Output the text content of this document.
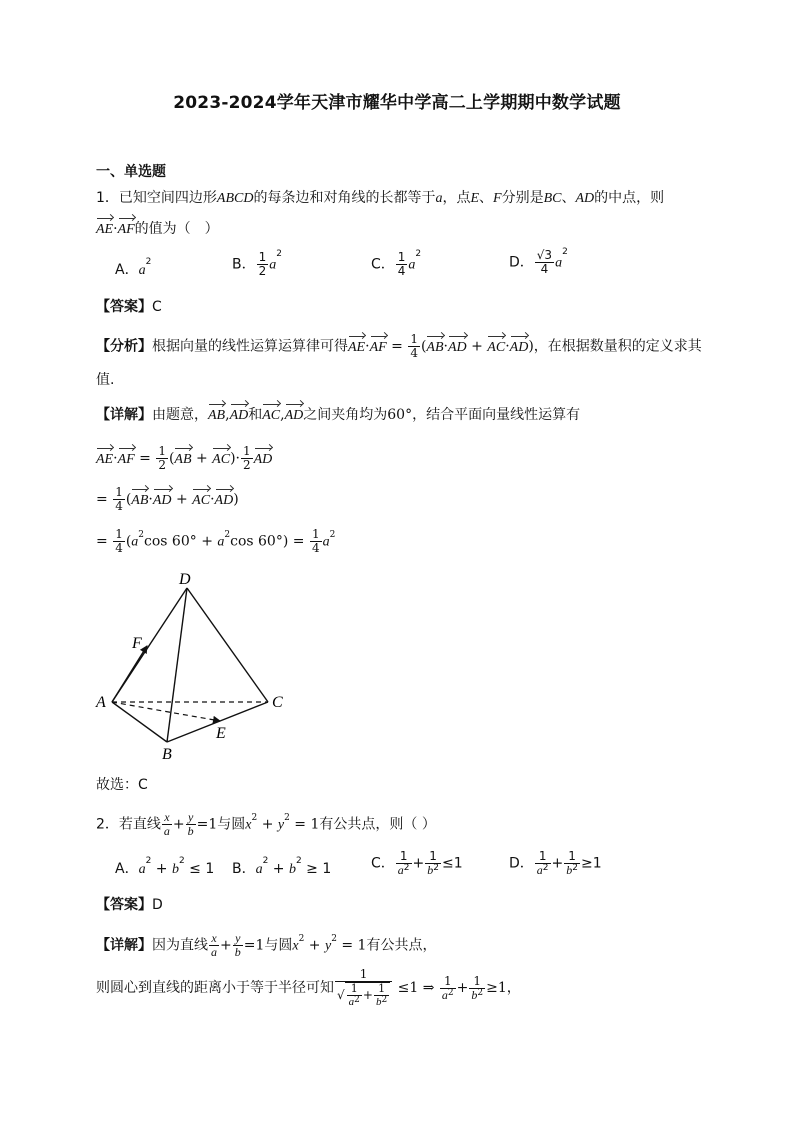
2023-2024学年天津市耀华中学高二上学期期中数学试题
一、单选题
1．已知空间四边形ABCD的每条边和对角线的长都等于a，点E、F分别是BC、AD的中点，则
AE·AF的值为（　）
A．$a^2$	B． $\frac{1}{2} a^2$
C． $\frac{1}{4} a^2$
D． $\frac{√3}{4} a^2$
【答案】C
【分析】根据向量的线性运算运算律可得$AE\cdot AF = \frac{1}{4} (AB\cdot AD + AC\cdot AD)$，在根据数量积的定义求其
值.
【详解】由题意，AB,AD和AC,AD之间夹角均为60°，结合平面向量线性运算有
$AE\cdot AF = \frac{1}{2} (AB + AC)\cdot \frac{1}{2}$ AD
= $\frac{1}{4} (AB\cdot AD + AC\cdot AD)$
= $\frac{1}{4} (a^2\cos$ $60^\circ + a^2\cos$ $60^\circ) = \frac{1}{4} a^2$
D
F
A	C
E
B
故选：C
2．若直线 $\frac{x}{a} + \frac{y}{b} =1$与圆$x^2 + y^2 = 1$有公共点，则（ ）
A．$a^2 + b^2 \le 1$ B．$a^2 + b^2 \ge 1$	C． $\frac{1}{a^2} + \frac{1}{b^2} \le 1$	D． $\frac{1}{a^2} + \frac{1}{b^2} \ge 1$
【答案】D
【详解】因为直线 $\frac{x}{a} + \frac{y}{b} =1$与圆$x^2 + y^2 = 1$有公共点，
则圆心到直线的距离小于等于半径可知 $\frac{1}{√ \frac{1}{a^2} + \frac{1}{b^2}} \le 1$ ⇒ $\frac{1}{a^2} + \frac{1}{b^2} \ge 1$，
